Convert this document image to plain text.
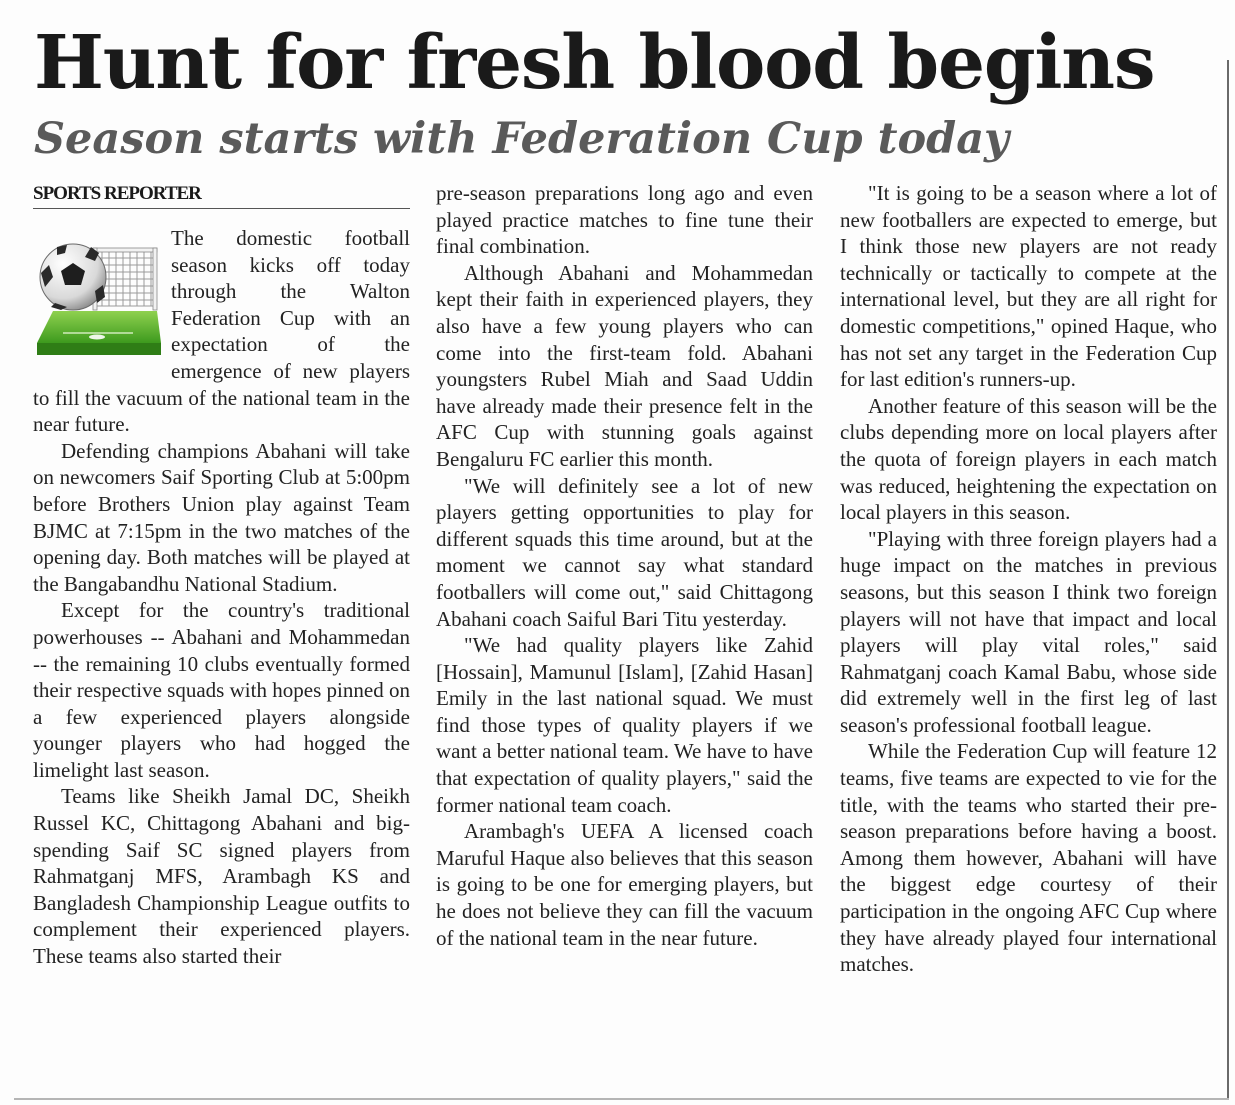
Hunt for fresh blood begins
Season starts with Federation Cup today
SPORTS REPORTER

The domestic football season kicks off today through the Walton Federation Cup with an expectation of the emergence of new players to fill the vacuum of the national team in the near future.

Defending champions Abahani will take on newcomers Saif Sporting Club at 5:00pm before Brothers Union play against Team BJMC at 7:15pm in the two matches of the opening day. Both matches will be played at the Bangabandhu National Stadium.

Except for the country's traditional powerhouses -- Abahani and Mohammedan -- the remaining 10 clubs eventually formed their respective squads with hopes pinned on a few experienced players alongside younger players who had hogged the limelight last season.

Teams like Sheikh Jamal DC, Sheikh Russel KC, Chittagong Abahani and big-spending Saif SC signed players from Rahmatganj MFS, Arambagh KS and Bangladesh Championship League outfits to complement their experienced players. These teams also started their

pre-season preparations long ago and even played practice matches to fine tune their final combination.

Although Abahani and Mohammedan kept their faith in experienced players, they also have a few young players who can come into the first-team fold. Abahani youngsters Rubel Miah and Saad Uddin have already made their presence felt in the AFC Cup with stunning goals against Bengaluru FC earlier this month.

"We will definitely see a lot of new players getting opportunities to play for different squads this time around, but at the moment we cannot say what standard footballers will come out," said Chittagong Abahani coach Saiful Bari Titu yesterday.

"We had quality players like Zahid [Hossain], Mamunul [Islam], [Zahid Hasan] Emily in the last national squad. We must find those types of quality players if we want a better national team. We have to have that expectation of quality players," said the former national team coach.

Arambagh's UEFA A licensed coach Maruful Haque also believes that this season is going to be one for emerging players, but he does not believe they can fill the vacuum of the national team in the near future.

"It is going to be a season where a lot of new footballers are expected to emerge, but I think those new players are not ready technically or tactically to compete at the international level, but they are all right for domestic competitions," opined Haque, who has not set any target in the Federation Cup for last edition's runners-up.

Another feature of this season will be the clubs depending more on local players after the quota of foreign players in each match was reduced, heightening the expectation on local players in this season.

"Playing with three foreign players had a huge impact on the matches in previous seasons, but this season I think two foreign players will not have that impact and local players will play vital roles," said Rahmatganj coach Kamal Babu, whose side did extremely well in the first leg of last season's professional football league.

While the Federation Cup will feature 12 teams, five teams are expected to vie for the title, with the teams who started their pre-season preparations before having a boost. Among them however, Abahani will have the biggest edge courtesy of their participation in the ongoing AFC Cup where they have already played four international matches.
